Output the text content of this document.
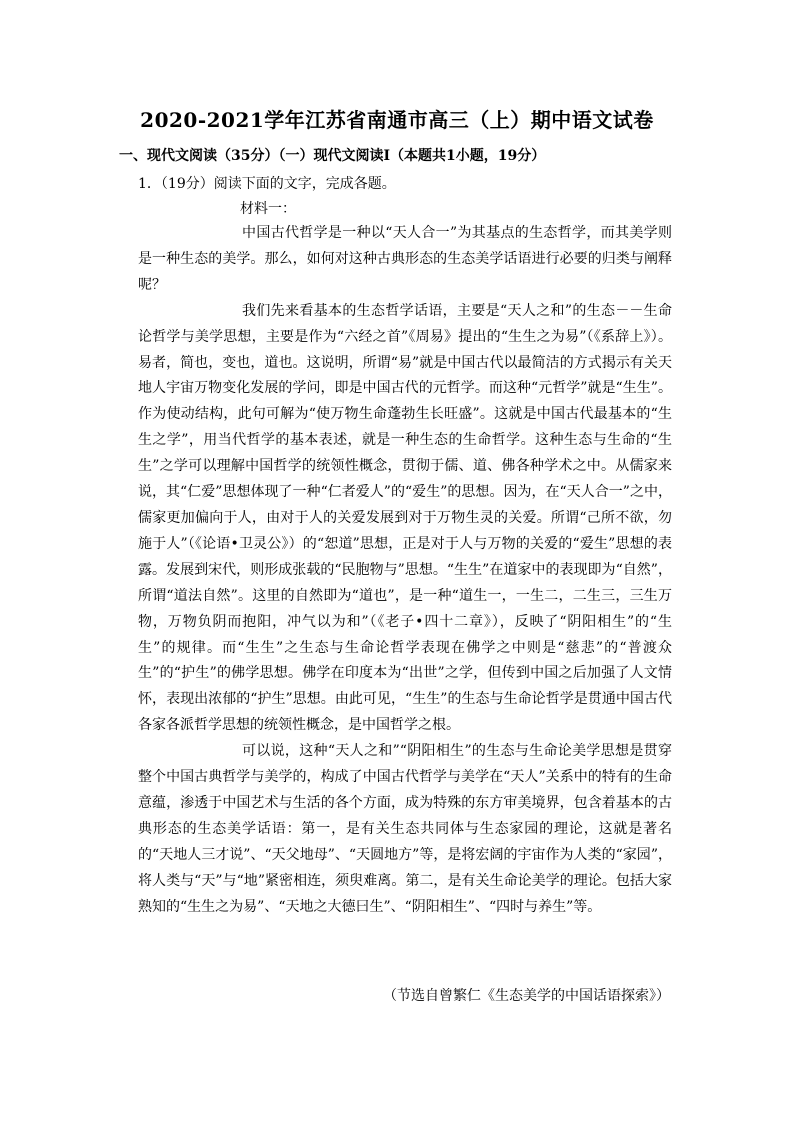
2020-2021学年江苏省南通市高三（上）期中语文试卷
一、现代文阅读（35分）（一）现代文阅读Ⅰ（本题共1小题，19分）
1．（19分）阅读下面的文字，完成各题。
材料一：

中国古代哲学是一种以“天人合一”为其基点的生态哲学，而其美学则是一种生态的美学。那么，如何对这种古典形态的生态美学话语进行必要的归类与阐释呢？

我们先来看基本的生态哲学话语，主要是“天人之和”的生态－－生命论哲学与美学思想，主要是作为“六经之首”《周易》提出的“生生之为易”（《系辞上》）。易者，简也，变也，道也。这说明，所谓“易”就是中国古代以最简洁的方式揭示有关天地人宇宙万物变化发展的学问，即是中国古代的元哲学。而这种“元哲学”就是“生生”。作为使动结构，此句可解为“使万物生命蓬勃生长旺盛”。这就是中国古代最基本的“生生之学”，用当代哲学的基本表述，就是一种生态的生命哲学。这种生态与生命的“生生”之学可以理解中国哲学的统领性概念，贯彻于儒、道、佛各种学术之中。从儒家来说，其“仁爱”思想体现了一种“仁者爱人”的“爱生”的思想。因为，在“天人合一”之中，儒家更加偏向于人，由对于人的关爱发展到对于万物生灵的关爱。所谓“己所不欲，勿施于人”（《论语•卫灵公》）的“恕道”思想，正是对于人与万物的关爱的“爱生”思想的表露。发展到宋代，则形成张载的“民胞物与”思想。“生生”在道家中的表现即为“自然”，所谓“道法自然”。这里的自然即为“道也”，是一种“道生一，一生二，二生三，三生万物，万物负阴而抱阳，冲气以为和”（《老子•四十二章》），反映了“阴阳相生”的“生生”的规律。而“生生”之生态与生命论哲学表现在佛学之中则是“慈悲”的“普渡众生”的“护生”的佛学思想。佛学在印度本为“出世”之学，但传到中国之后加强了人文情怀，表现出浓郁的“护生”思想。由此可见，“生生”的生态与生命论哲学是贯通中国古代各家各派哲学思想的统领性概念，是中国哲学之根。

可以说，这种“天人之和”“阴阳相生”的生态与生命论美学思想是贯穿整个中国古典哲学与美学的，构成了中国古代哲学与美学在“天人”关系中的特有的生命意蕴，渗透于中国艺术与生活的各个方面，成为特殊的东方审美境界，包含着基本的古典形态的生态美学话语：第一，是有关生态共同体与生态家园的理论，这就是著名的“天地人三才说”、“天父地母”、“天圆地方”等，是将宏阔的宇宙作为人类的“家园”，将人类与“天”与“地”紧密相连，须臾难离。第二，是有关生命论美学的理论。包括大家熟知的“生生之为易”、“天地之大德曰生”、“阴阳相生”、“四时与养生”等。

（节选自曾繁仁《生态美学的中国话语探索》）
